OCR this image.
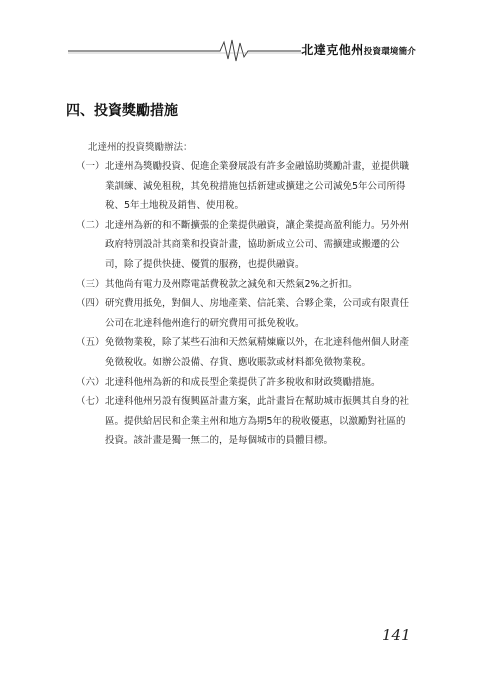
北達克他州投資環境簡介
四、投資獎勵措施
北達州的投資獎勵辦法：
（一） 北達州為獎勵投資、促進企業發展設有許多金融協助獎勵計畫，並提供職
業訓練、減免租稅，其免稅措施包括新建或擴建之公司減免5年公司所得
稅、5年土地稅及銷售、使用稅。
（二） 北達州為新的和不斷擴張的企業提供融資，讓企業提高盈利能力。另外州
政府特別設計其商業和投資計畫，協助新成立公司、需擴建或搬遷的公
司，除了提供快捷、優質的服務，也提供融資。
（三） 其他尚有電力及州際電話費稅款之減免和天然氣2%之折扣。
（四） 研究費用抵免，對個人、房地產業、信託業、合夥企業，公司或有限責任
公司在北達科他州進行的研究費用可抵免稅收。
（五） 免徵物業稅，除了某些石油和天然氣精煉廠以外，在北達科他州個人財產
免徵稅收。如辦公設備、存貨、應收賬款或材料都免徵物業稅。
（六） 北達科他州為新的和成長型企業提供了許多稅收和財政獎勵措施。
（七） 北達科他州另設有復興區計畫方案，此計畫旨在幫助城市振興其自身的社
區。提供給居民和企業主州和地方為期5年的稅收優惠，以激勵對社區的
投資。該計畫是獨一無二的，是每個城市的員體目標。
141
